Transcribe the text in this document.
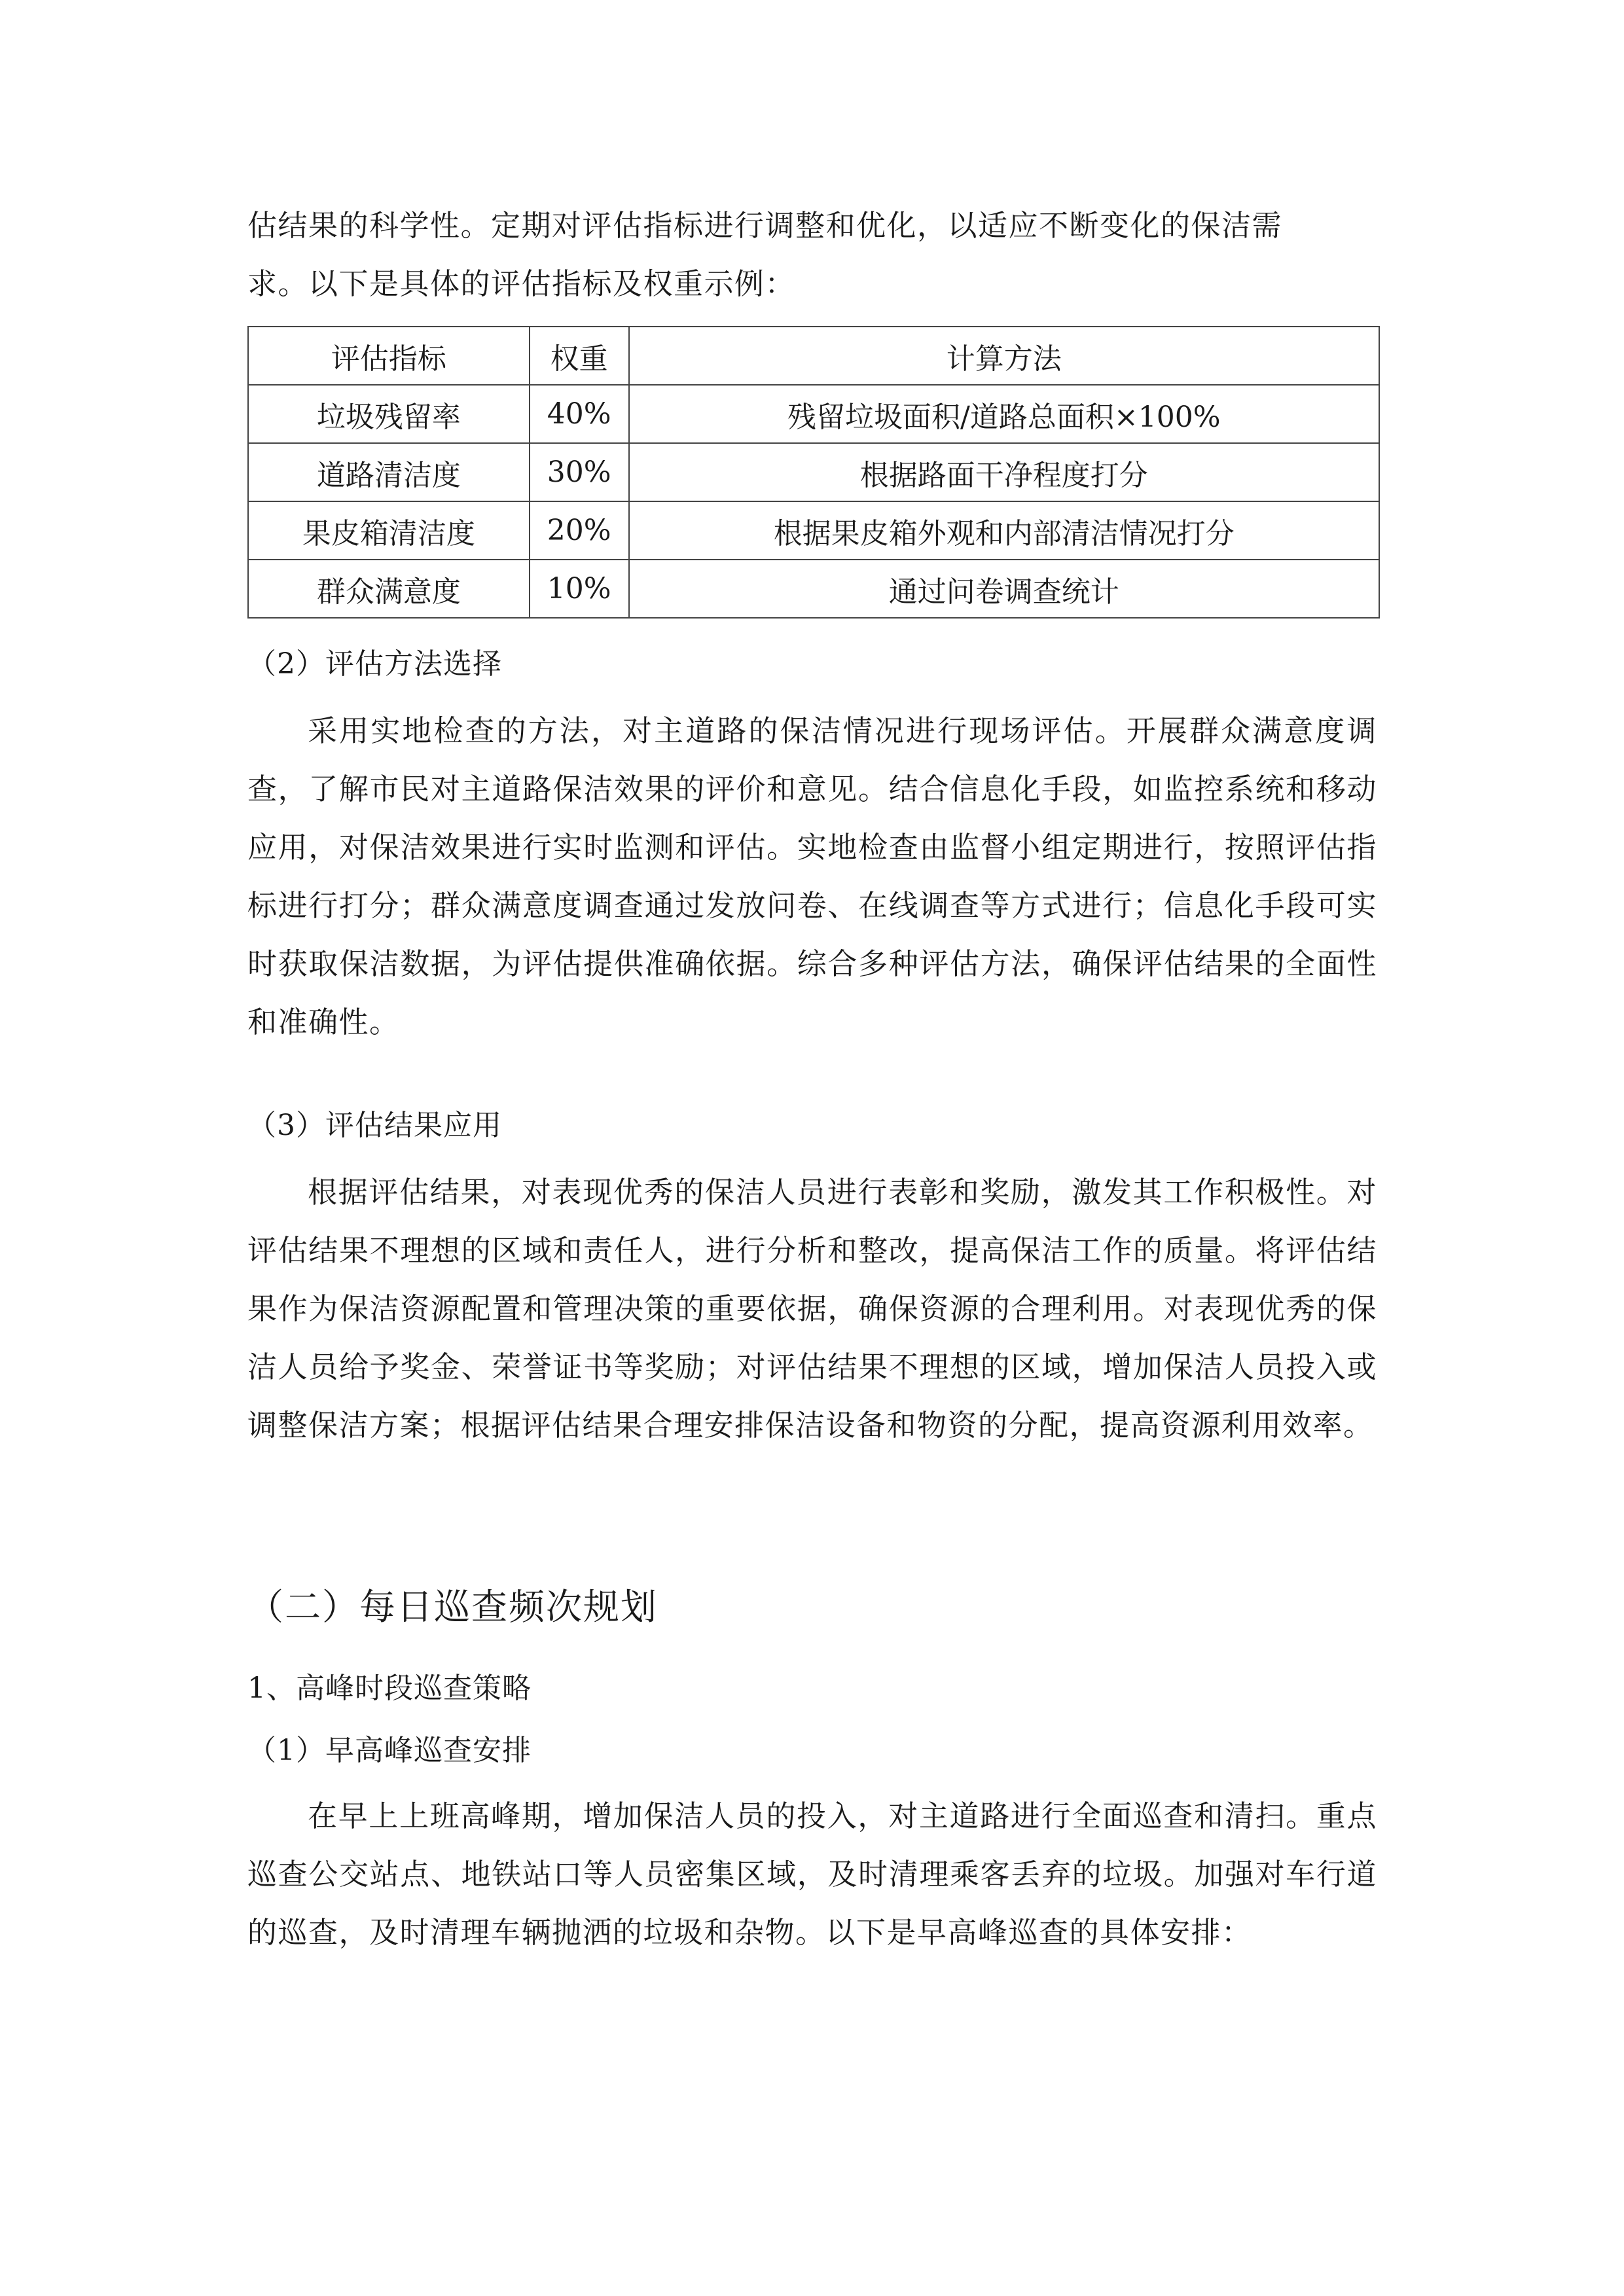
估结果的科学性。定期对评估指标进行调整和优化，以适应不断变化的保洁需

求。以下是具体的评估指标及权重示例：

评估指标	权重	计算方法
垃圾残留率	40%	残留垃圾面积/道路总面积×100%
道路清洁度	30%	根据路面干净程度打分
果皮箱清洁度	20%	根据果皮箱外观和内部清洁情况打分
群众满意度	10%	通过问卷调查统计

（2）评估方法选择

采用实地检查的方法，对主道路的保洁情况进行现场评估。开展群众满意度调查，了解市民对主道路保洁效果的评价和意见。结合信息化手段，如监控系统和移动应用，对保洁效果进行实时监测和评估。实地检查由监督小组定期进行，按照评估指标进行打分；群众满意度调查通过发放问卷、在线调查等方式进行；信息化手段可实时获取保洁数据，为评估提供准确依据。综合多种评估方法，确保评估结果的全面性和准确性。

（3）评估结果应用

根据评估结果，对表现优秀的保洁人员进行表彰和奖励，激发其工作积极性。对评估结果不理想的区域和责任人，进行分析和整改，提高保洁工作的质量。将评估结果作为保洁资源配置和管理决策的重要依据，确保资源的合理利用。对表现优秀的保洁人员给予奖金、荣誉证书等奖励；对评估结果不理想的区域，增加保洁人员投入或调整保洁方案；根据评估结果合理安排保洁设备和物资的分配，提高资源利用效率。

（二）每日巡查频次规划

1、高峰时段巡查策略

（1）早高峰巡查安排

在早上上班高峰期，增加保洁人员的投入，对主道路进行全面巡查和清扫。重点巡查公交站点、地铁站口等人员密集区域，及时清理乘客丢弃的垃圾。加强对车行道的巡查，及时清理车辆抛洒的垃圾和杂物。以下是早高峰巡查的具体安排：
